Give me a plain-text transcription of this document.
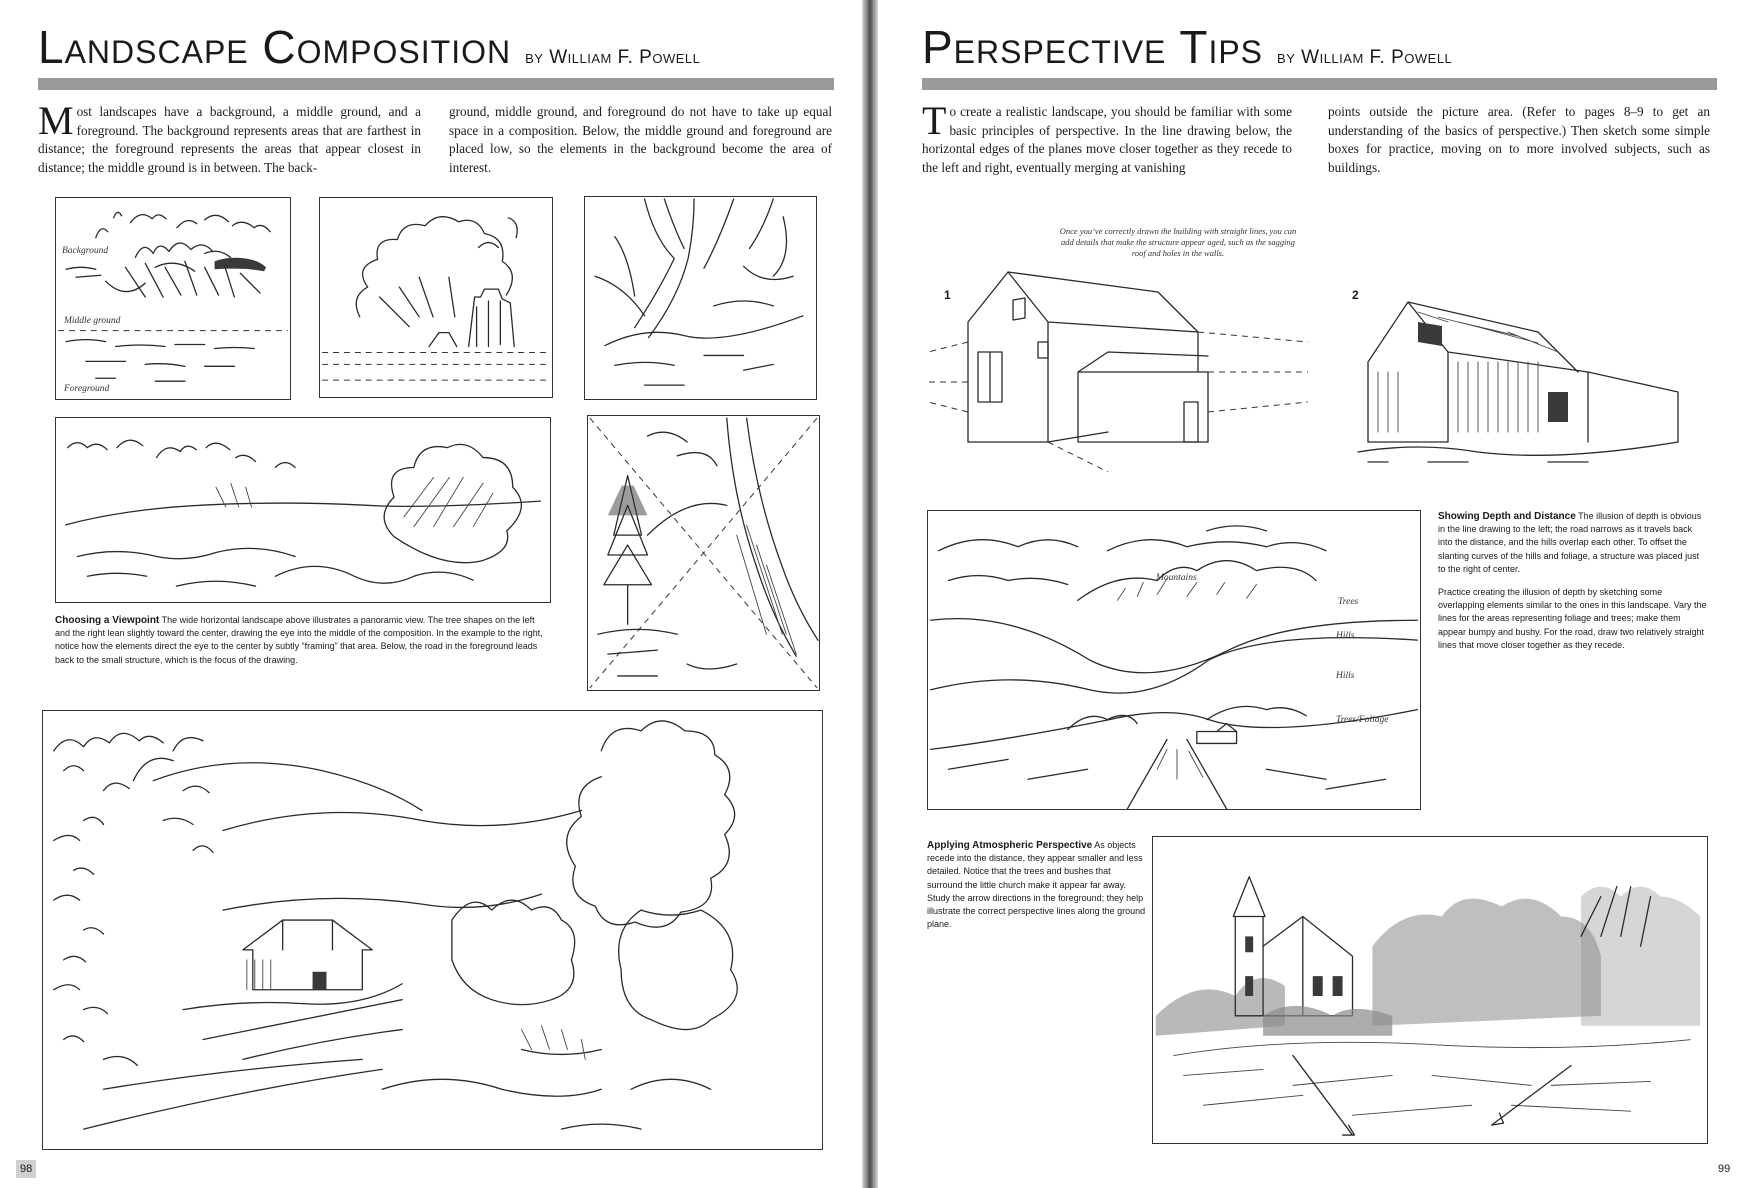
Landscape Composition by William F. Powell
Most landscapes have a background, a middle ground, and a foreground. The background represents areas that are farthest in distance; the foreground represents the areas that appear closest in distance; the middle ground is in between. The back-
ground, middle ground, and foreground do not have to take up equal space in a composition. Below, the middle ground and foreground are placed low, so the elements in the background become the area of interest.
Background
Middle ground
Foreground
Choosing a Viewpoint The wide horizontal landscape above illustrates a panoramic view. The tree shapes on the left and the right lean slightly toward the center, drawing the eye into the middle of the composition. In the example to the right, notice how the elements direct the eye to the center by subtly “framing” that area. Below, the road in the foreground leads back to the small structure, which is the focus of the drawing.
98
Perspective Tips by William F. Powell
To create a realistic landscape, you should be familiar with some basic principles of perspective. In the line drawing below, the horizontal edges of the planes move closer together as they recede to the left and right, eventually merging at vanishing
points outside the picture area. (Refer to pages 8–9 to get an understanding of the basics of perspective.) Then sketch some simple boxes for practice, moving on to more involved subjects, such as buildings.
Once you’ve correctly drawn the building with straight lines, you can add details that make the structure appear aged, such as the sagging roof and holes in the walls.
1	2
Mountains
Trees
Hills
Hills
Trees/Foliage
Showing Depth and Distance The illusion of depth is obvious in the line drawing to the left; the road narrows as it travels back into the distance, and the hills overlap each other. To offset the slanting curves of the hills and foliage, a structure was placed just to the right of center.
Practice creating the illusion of depth by sketching some overlapping elements similar to the ones in this landscape. Vary the lines for the areas representing foliage and trees; make them appear bumpy and bushy. For the road, draw two relatively straight lines that move closer together as they recede.
Applying Atmospheric Perspective As objects recede into the distance, they appear smaller and less detailed. Notice that the trees and bushes that surround the little church make it appear far away. Study the arrow directions in the foreground; they help illustrate the correct perspective lines along the ground plane.
99
